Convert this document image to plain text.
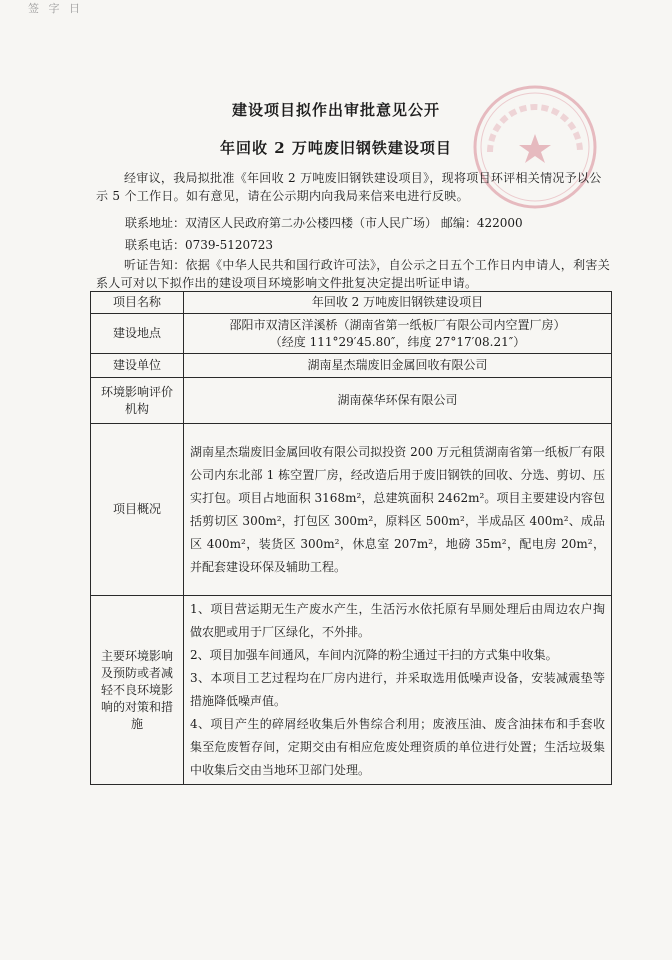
签 字 日
建设项目拟作出审批意见公开
年回收 2 万吨废旧钢铁建设项目
经审议，我局拟批准《年回收 2 万吨废旧钢铁建设项目》，现将项目环评相关情况予以公示 5 个工作日。如有意见，请在公示期内向我局来信来电进行反映。
联系地址：双清区人民政府第二办公楼四楼（市人民广场） 邮编：422000
联系电话：0739-5120723
听证告知：依据《中华人民共和国行政许可法》，自公示之日五个工作日内申请人，利害关系人可对以下拟作出的建设项目环境影响文件批复决定提出听证申请。
项目名称	年回收 2 万吨废旧钢铁建设项目
建设地点	邵阳市双清区洋溪桥（湖南省第一纸板厂有限公司内空置厂房）
（经度 111°29′45.80″，纬度 27°17′08.21″）

建设单位	湖南星杰瑞废旧金属回收有限公司
环境影响评价机构	湖南葆华环保有限公司
项目概况	湖南星杰瑞废旧金属回收有限公司拟投资 200 万元租赁湖南省第一纸板厂有限公司内东北部 1 栋空置厂房，经改造后用于废旧钢铁的回收、分选、剪切、压实打包。项目占地面积 3168m²，总建筑面积 2462m²。项目主要建设内容包括剪切区 300m²，打包区 300m²，原料区 500m²，半成品区 400m²、成品区 400m²，装货区 300m²，休息室 207m²，地磅 35m²，配电房 20m²，并配套建设环保及辅助工程。
主要环境影响及预防或者减轻不良环境影响的对策和措施	1、项目营运期无生产废水产生，生活污水依托原有旱厕处理后由周边农户掏做农肥或用于厂区绿化，不外排。
2、项目加强车间通风，车间内沉降的粉尘通过干扫的方式集中收集。
3、本项目工艺过程均在厂房内进行，并采取选用低噪声设备，安装减震垫等措施降低噪声值。
4、项目产生的碎屑经收集后外售综合利用；废液压油、废含油抹布和手套收集至危废暂存间，定期交由有相应危废处理资质的单位进行处置；生活垃圾集中收集后交由当地环卫部门处理。
